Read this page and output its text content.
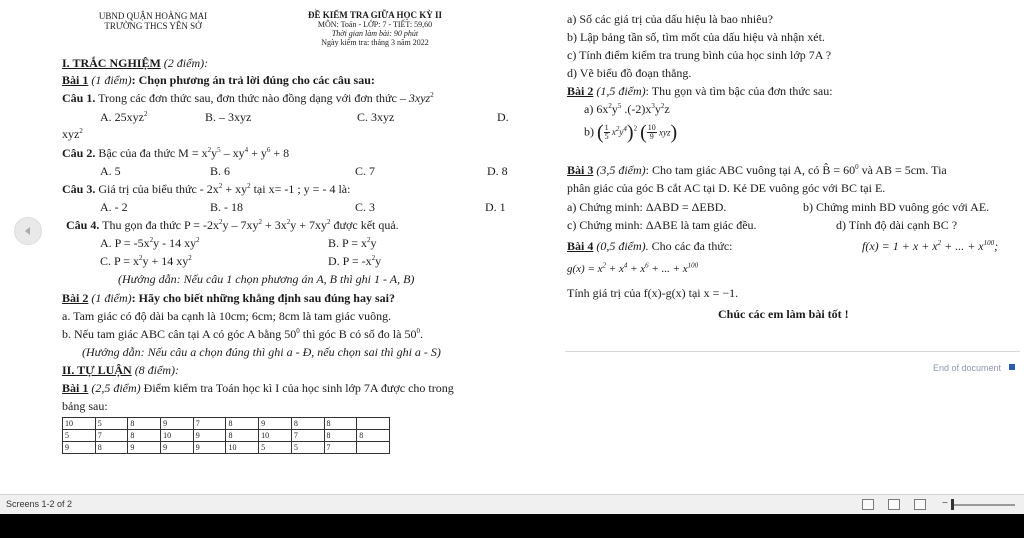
UBND QUẬN HOÀNG MAI
TRƯỜNG THCS YÊN SỞ
ĐỀ KIỂM TRA GIỮA HỌC KỲ II
MÔN: Toán - LỚP: 7 - TIẾT: 59,60
Thời gian làm bài: 90 phút
Ngày kiểm tra: tháng 3 năm 2022
I. TRẮC NGHIỆM (2 điểm):
Bài 1 (1 điểm): Chọn phương án trả lời đúng cho các câu sau:
Câu 1. Trong các đơn thức sau, đơn thức nào đồng dạng với đơn thức – 3xyz$^2$
A. 25xyz$^2$	B. – 3xyz	C. 3xyz	D.
xyz$^2$
Câu 2. Bậc của đa thức $M = x^2y^5 - xy^4 + y^6 + 8$
A. 5	B. 6	C. 7	D. 8
Câu 3. Giá trị của biểu thức - $2x^2 + xy^2$ tại x= -1 ; y = - 4 là:
A. - 2	B. - 18	C. 3	D. 1
Câu 4. Thu gọn đa thức $P = -2x^2y - 7xy^2 + 3x^2y + 7xy^2$ được kết quả.
A. $P = -5x^2y - 14$ $xy^2$	B. $P = x^2y$
C. $P = x^2y + 14$ $xy^2$	D. $P = -x^2y$
(Hướng dẫn: Nếu câu 1 chọn phương án A, B thì ghi 1 - A, B)
Bài 2 (1 điểm): Hãy cho biết những khẳng định sau đúng hay sai?
a. Tam giác có độ dài ba cạnh là 10cm; 6cm; 8cm là tam giác vuông.
b. Nếu tam giác ABC cân tại A có góc A bằng $50^0$ thì góc B có số đo là $50^0$.
(Hướng dẫn: Nếu câu a chọn đúng thì ghi a - Đ, nếu chọn sai thì ghi a - S)
II. TỰ LUẬN (8 điểm):
Bài 1 (2,5 điểm) Điểm kiểm tra Toán học kì I của học sinh lớp 7A được cho trong
bảng sau:
10	5	8	9	7	8	9	8	8	
5	7	8	10	9	8	10	7	8	8
9	8	9	9	9	10	5	5	7	
a) Số các giá trị của dấu hiệu là bao nhiêu?
b) Lập bảng tần số, tìm mốt của dấu hiệu và nhận xét.
c) Tính điểm kiểm tra trung bình của học sinh lớp 7A ?
d) Vẽ biểu đồ đoạn thẳng.
Bài 2 (1,5 điểm): Thu gọn và tìm bậc của đơn thức sau:
a) $6x^2y^5$ $.(-2)x^3y^2z$
b) ( $\frac{1}{5} x^2y^4)^2$ ( $\frac{10}{9} xyz$)
Bài 3 (3,5 điểm): Cho tam giác ABC vuông tại A, có B̂ = $60^0$ và AB = 5cm. Tia
phân giác của góc B cắt AC tại D. Kẻ DE vuông góc với BC tại E.
a) Chứng minh: ΔABD = ΔEBD.	b) Chứng minh BD vuông góc với AE.
c) Chứng minh: ΔABE là tam giác đều.	d) Tính độ dài cạnh BC ?
Bài 4 (0,5 điểm). Cho các đa thức:	$f(x) = 1 + x + x^2$ + ... + $x^{100}$;
$g(x) = x^2 + x^4 + x^6$ + ... + $x^{100}$
Tính giá trị của f(x)-g(x) tại x = −1.
Chúc các em làm bài tốt !
End of document
Screens 1-2 of 2	−
